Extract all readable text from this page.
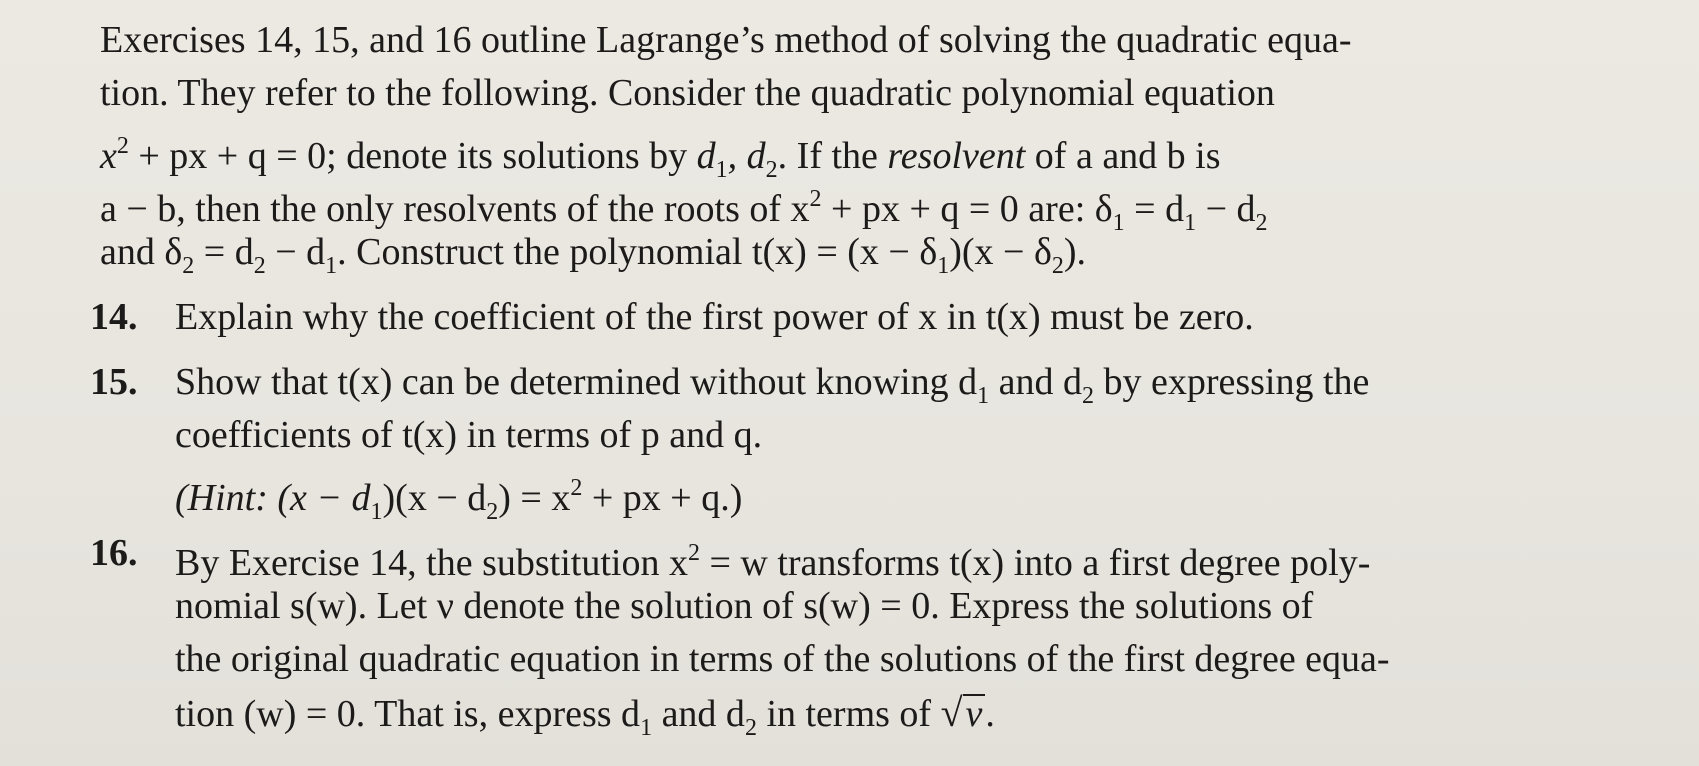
Exercises 14, 15, and 16 outline Lagrange’s method of solving the quadratic equa-
tion. They refer to the following. Consider the quadratic polynomial equation
$x^2$ + px + q = 0; denote its solutions by $d_1$, $d_2$. If the resolvent of a and b is
a − b, then the only resolvents of the roots of $x^2$ + px + q = 0 are: $\delta_1 = d_1 - d_2$
and $\delta_2 = d_2 - d_1$. Construct the polynomial $t(x) = (x - \delta_1)(x - \delta_2)$.
14. Explain why the coefficient of the first power of x in t(x) must be zero.
15. Show that t(x) can be determined without knowing $d_1$ and $d_2$ by expressing the
coefficients of t(x) in terms of p and q.
(Hint: $(x - d_1)(x - d_2) = x^2$ + px + q.)
16. By Exercise 14, the substitution $x^2 = w$ transforms t(x) into a first degree poly-
nomial s(w). Let ν denote the solution of s(w) = 0. Express the solutions of
the original quadratic equation in terms of the solutions of the first degree equa-
tion (w) = 0. That is, express $d_1$ and $d_2$ in terms of √ν.
